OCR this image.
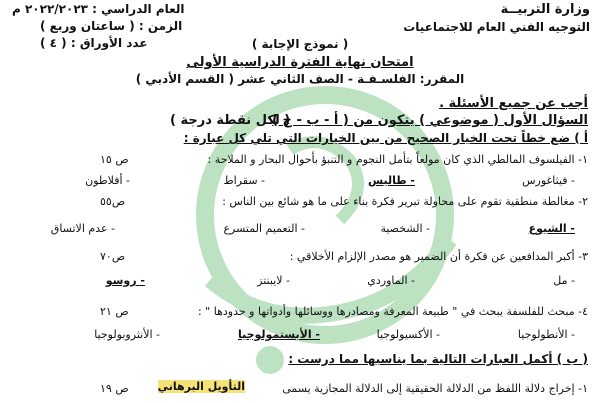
وزارة التربيــة
التوجيه الفني العام للاجتماعيات
العام الدراسي : ٢٠٢٢/٢٠٢٣ م
الزمن : ( ساعتان وربع )
عدد الأوراق : ( ٤ )	( نموذج الإجابة )
امتحان نهاية الفترة الدراسية الأولى
المقرر: الفلسـفـة - الصف الثاني عشر ( القسم الأدبي )
أجب عن جميع الأسئلة .
السؤال الأول ( موضوعي ) يتكون من ( أ - ب - ج )
( لكل نقطة درجة )
أ ) ضع خطاً تحت الخيار الصحيح من بين الخيارات التي تلي كل عبارة :
١- الفيلسوف المالطي الذي كان مولعاً بتأمل النجوم و التنبؤ بأحوال البحار و الملاحة :
ص ١٥
- فيثاغورس
- طاليس
- سقراط
- أفلاطون
٢- مغالطة منطقية تقوم على محاولة تبرير فكرة بناء على ما هو شائع بين الناس :
ص٥٥
- الشيوع
- الشخصية
- التعميم المتسرع
- عدم الاتساق
٣- أكبر المدافعين عن فكرة أن الضمير هو مصدر الإلزام الأخلاقي :
ص٧٠
- مل
- الماوردي
- لايبنتز
- روسو
٤- مبحث للفلسفة يبحث في " طبيعة المعرفة ومصادرها ووسائلها وأدواتها و حدودها " :
ص ٢١
- الأنطولوجيا
- الأكسيولوجيا
- الأبستمولوجيا
- الأنثروبولوجيا
( ب ) أكمل العبارات التالية بما يناسبها مما درست :
١- إخراج دلالة اللفظ من الدلالة الحقيقية إلى الدلالة المجازية يسمى
التأويل البرهاني
ص ١٩
